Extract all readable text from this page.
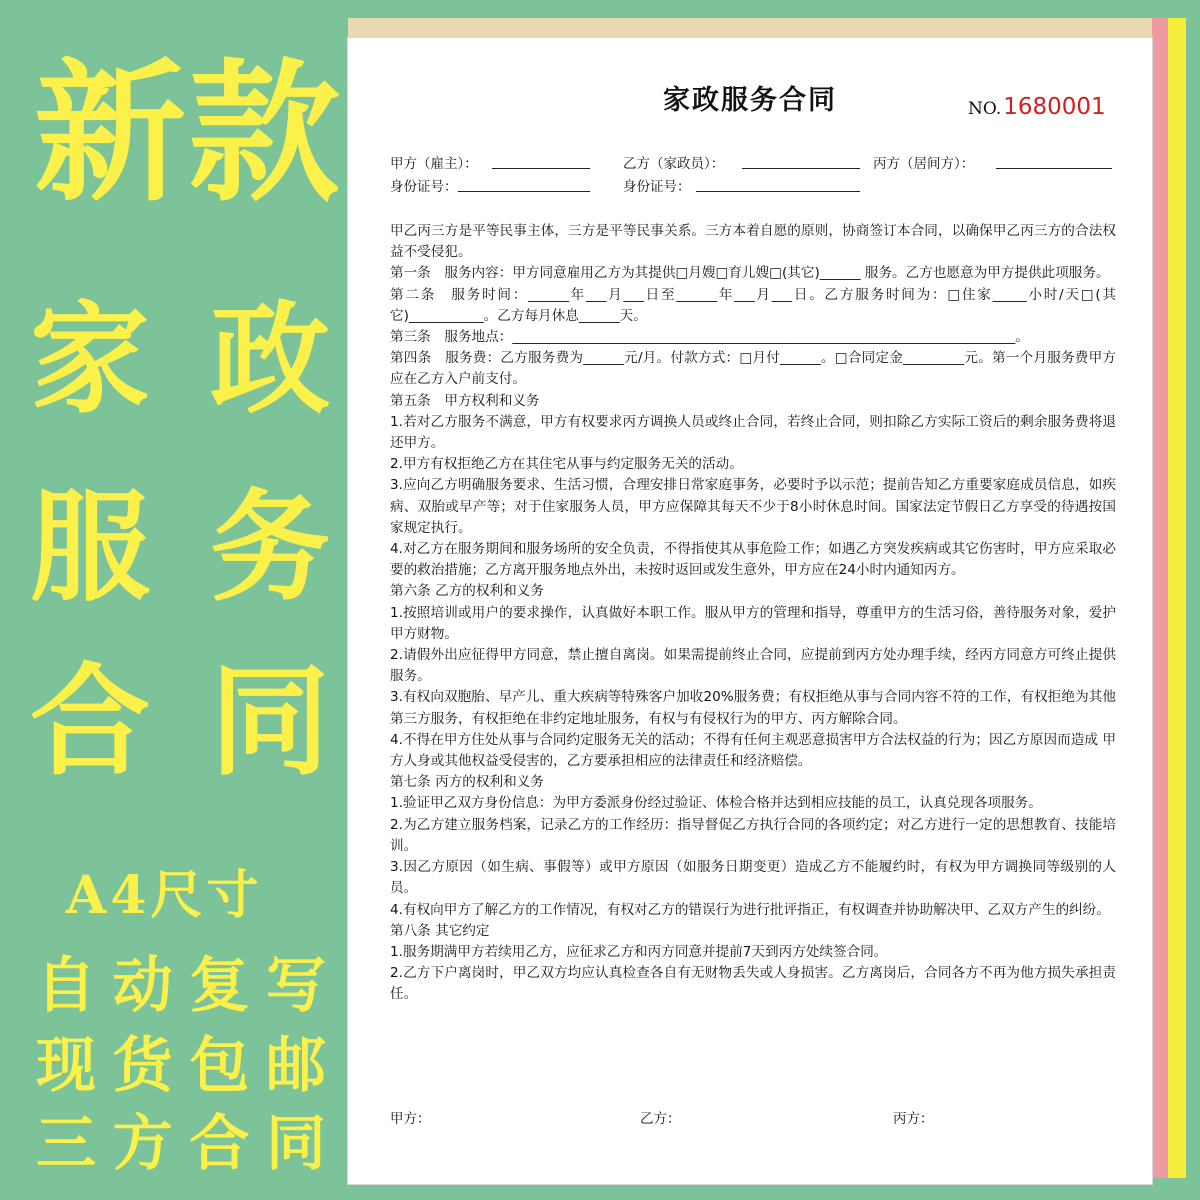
新款
家 政
服 务
合 同
A4尺寸
自 动 复 写
现 货 包 邮
三 方 合 同
家政服务合同	NO.1680001
甲方（雇主）：	乙方（家政员）：	丙方（居间方）：
身份证号：	身份证号：

甲乙丙三方是平等民事主体，三方是平等民事关系。三方本着自愿的原则，协商签订本合同，以确保甲乙丙三方的合法权益不受侵犯。

第一条　服务内容：甲方同意雇用乙方为其提供□月嫂□育儿嫂□(其它)______ 服务。乙方也愿意为甲方提供此项服务。

第二条　服务时间：______年___月___日至______年___月___日。乙方服务时间为：□住家_____小时/天□(其它)___________。乙方每月休息______天。

第三条　服务地点：__________________________________________________________________________。

第四条　服务费：乙方服务费为______元/月。付款方式：□月付______。□合同定金_________元。第一个月服务费甲方应在乙方入户前支付。

第五条　甲方权利和义务

1.若对乙方服务不满意，甲方有权要求丙方调换人员或终止合同，若终止合同，则扣除乙方实际工资后的剩余服务费将退还甲方。

2.甲方有权拒绝乙方在其住宅从事与约定服务无关的活动。

3.应向乙方明确服务要求、生活习惯，合理安排日常家庭事务，必要时予以示范；提前告知乙方重要家庭成员信息，如疾病、双胎或早产等；对于住家服务人员，甲方应保障其每天不少于8小时休息时间。国家法定节假日乙方享受的待遇按国家规定执行。

4.对乙方在服务期间和服务场所的安全负责，不得指使其从事危险工作；如遇乙方突发疾病或其它伤害时，甲方应采取必要的救治措施；乙方离开服务地点外出，未按时返回或发生意外，甲方应在24小时内通知丙方。

第六条 乙方的权利和义务

1.按照培训或用户的要求操作，认真做好本职工作。服从甲方的管理和指导，尊重甲方的生活习俗，善待服务对象，爱护甲方财物。

2.请假外出应征得甲方同意，禁止擅自离岗。如果需提前终止合同，应提前到丙方处办理手续，经丙方同意方可终止提供服务。

3.有权向双胞胎、早产儿、重大疾病等特殊客户加收20%服务费；有权拒绝从事与合同内容不符的工作，有权拒绝为其他第三方服务，有权拒绝在非约定地址服务，有权与有侵权行为的甲方、丙方解除合同。

4.不得在甲方住处从事与合同约定服务无关的活动；不得有任何主观恶意损害甲方合法权益的行为；因乙方原因而造成 甲方人身或其他权益受侵害的，乙方要承担相应的法律责任和经济赔偿。

第七条 丙方的权利和义务

1.验证甲乙双方身份信息：为甲方委派身份经过验证、体检合格并达到相应技能的员工，认真兑现各项服务。

2.为乙方建立服务档案，记录乙方的工作经历：指导督促乙方执行合同的各项约定；对乙方进行一定的思想教育、技能培训。

3.因乙方原因（如生病、事假等）或甲方原因（如服务日期变更）造成乙方不能履约时，有权为甲方调换同等级别的人员。

4.有权向甲方了解乙方的工作情况，有权对乙方的错误行为进行批评指正，有权调查并协助解决甲、乙双方产生的纠纷。

第八条 其它约定

1.服务期满甲方若续用乙方，应征求乙方和丙方同意并提前7天到丙方处续签合同。

2.乙方下户离岗时，甲乙双方均应认真检查各自有无财物丢失或人身损害。乙方离岗后，合同各方不再为他方损失承担责任。

甲方：	乙方：	丙方：
